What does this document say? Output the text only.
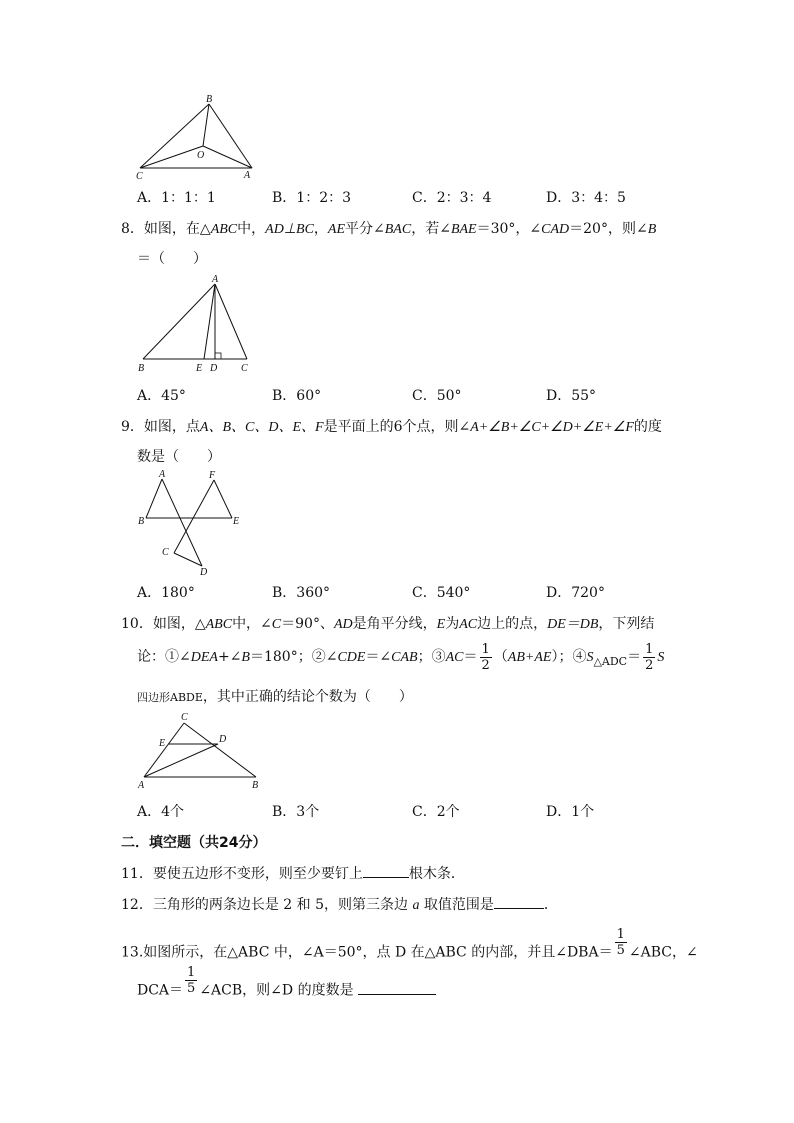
B
O
C	A
A．1：1：1	B．1：2：3	C．2：3：4	D．3：4：5
8．如图，在△ABC中，AD⊥BC，AE平分∠BAC，若∠BAE＝30°，∠CAD＝20°，则∠B
＝（　　）
A
B	E D C
A．45°	B．60°	C．50°	D．55°
9．如图，点A、B、C、D、E、F是平面上的6个点，则∠A+∠B+∠C+∠D+∠E+∠F的度
数是（　　）
A	F
B	E
C
D
A．180°	B．360°	C．540°	D．720°
10．如图，△ABC中，∠C＝90°、AD是角平分线，E为AC边上的点，DE＝DB，下列结
论：①∠DEA+∠B＝180°；②∠CDE＝∠CAB；③AC＝ $\frac{1}{2} (AB+AE)$；$④S_{\triangle ADC}= \frac{1}{2}$ S
四边形ABDE，其中正确的结论个数为（　　）
C
E	D
A	B
A．4个	B．3个	C．2个	D．1个
二．填空题（共24分）
11．要使五边形不变形，则至少要钉上	根木条．
12．三角形的两条边长是 2 和 5，则第三条边 a 取值范围是	．
13.如图所示，在△ABC 中，∠A＝50°，点 D 在△ABC 的内部，并且∠DBA＝ $\frac{1}{5}$ ∠ABC，∠
$DCA= \frac{1}{5}$ ∠ACB，则∠D 的度数是
